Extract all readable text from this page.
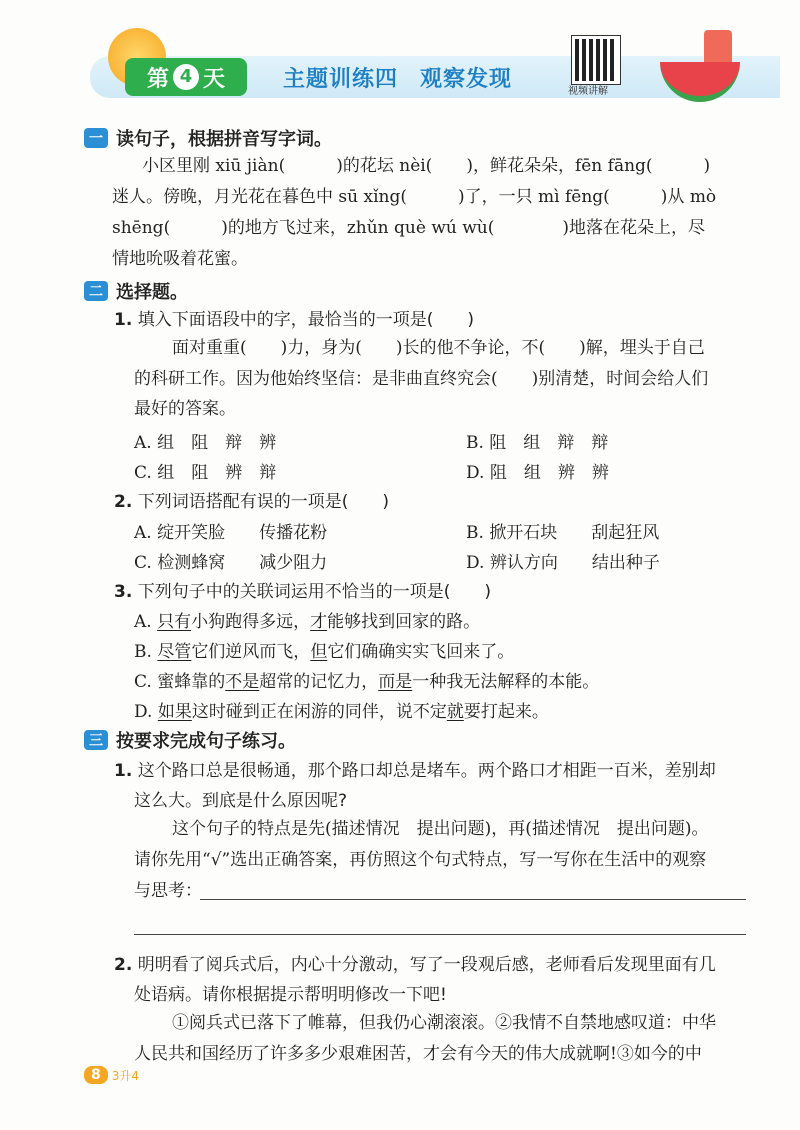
第 4 天	主题训练四 观察发现	视频讲解
一 读句子，根据拼音写字词。
小区里刚 xiū jiàn(　　　)的花坛 nèi(　　)，鲜花朵朵，fēn fāng(　　　)
迷人。傍晚，月光花在暮色中 sū xǐng(　　　)了，一只 mì fēng(　　　)从 mò
shēng(　　　)的地方飞过来，zhǔn què wú wù(　　　　)地落在花朵上，尽
情地吮吸着花蜜。
二 选择题。
1. 填入下面语段中的字，最恰当的一项是(　　)
面对重重(　　)力，身为(　　)长的他不争论，不(　　)解，埋头于自己
的科研工作。因为他始终坚信：是非曲直终究会(　　)别清楚，时间会给人们
最好的答案。
A. 组　阻　辩　辨	B. 阻　组　辩　辩
C. 组　阻　辨　辩	D. 阻　组　辨　辨
2. 下列词语搭配有误的一项是(　　)
A. 绽开笑脸　　传播花粉	B. 掀开石块　　刮起狂风
C. 检测蜂窝　　减少阻力	D. 辨认方向　　结出种子
3. 下列句子中的关联词运用不恰当的一项是(　　)
A. 只有小狗跑得多远，才能够找到回家的路。
B. 尽管它们逆风而飞，但它们确确实实飞回来了。
C. 蜜蜂靠的不是超常的记忆力，而是一种我无法解释的本能。
D. 如果这时碰到正在闲游的同伴，说不定就要打起来。
三 按要求完成句子练习。
1. 这个路口总是很畅通，那个路口却总是堵车。两个路口才相距一百米，差别却
这么大。到底是什么原因呢?
这个句子的特点是先(描述情况　提出问题)，再(描述情况　提出问题)。
请你先用“√”选出正确答案，再仿照这个句式特点，写一写你在生活中的观察
与思考：
2. 明明看了阅兵式后，内心十分激动，写了一段观后感，老师看后发现里面有几
处语病。请你根据提示帮明明修改一下吧!
①阅兵式已落下了帷幕，但我仍心潮滚滚。②我情不自禁地感叹道：中华
人民共和国经历了许多多少艰难困苦，才会有今天的伟大成就啊!③如今的中
8 3升4
